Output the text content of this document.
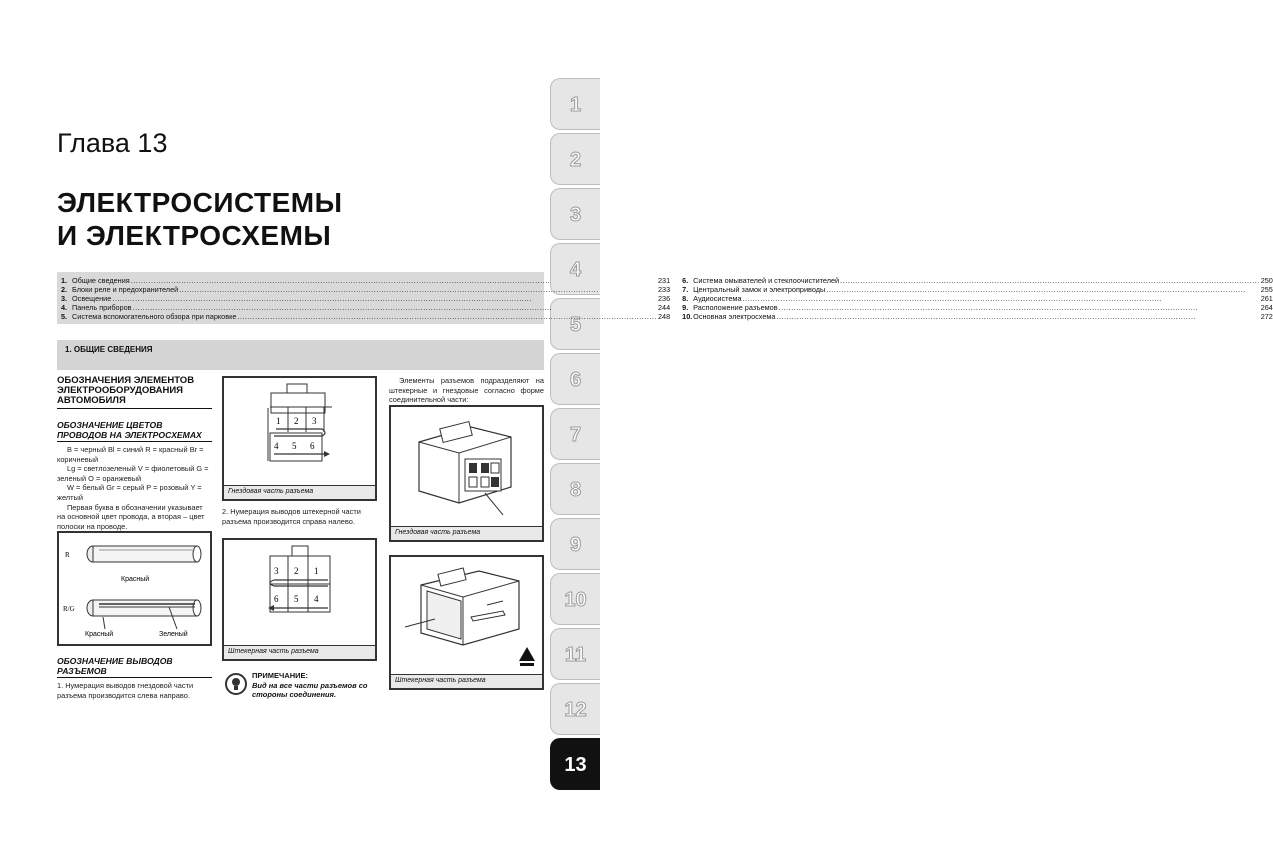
1
2
3
4
5
6
7
8
9
10
11
12
13
Глава 13
ЭЛЕКТРОСИСТЕМЫ
И ЭЛЕКТРОСХЕМЫ
1. Общие сведения .....	231
2. Блоки реле и предохранителей .....	233
3. Освещение .....	236
4. Панель приборов .....	244
5. Система вспомогательного обзора при парковке .....	248
6. Система омывателей и стеклоочистителей .....	250
7. Центральный замок и электроприводы .....	255
8. Аудиосистема .....	261
9. Расположение разъемов .....	264
10. Основная электросхема .....	272
1. ОБЩИЕ СВЕДЕНИЯ
ОБОЗНАЧЕНИЯ ЭЛЕМЕНТОВ ЭЛЕКТРООБОРУДОВАНИЯ АВТОМОБИЛЯ
ОБОЗНАЧЕНИЕ ЦВЕТОВ ПРОВОДОВ НА ЭЛЕКТРОСХЕМАХ
B = черный Bl = синий R = красный Br = коричневый
Lg = светлозеленый V = фиолетовый G = зеленый O = оранжевый
W = белый Gr = серый P = розовый Y = желтый
Первая буква в обозначении указывает на основной цвет провода, а вторая – цвет полоски на проводе.
R
Красный
R/G
Красный	Зеленый
ОБОЗНАЧЕНИЕ ВЫВОДОВ РАЗЪЕМОВ
1. Нумерация выводов гнездовой части разъема производится слева направо.
1 2 3
4 5 6
Гнездовая часть разъема
2. Нумерация выводов штекерной части разъема производится справа налево.
3 2 1
6 5 4
Штекерная часть разъема
ПРИМЕЧАНИЕ:
Вид на все части разъемов со стороны соединения.
Элементы разъемов подразделяют на штекерные и гнездовые согласно форме соединительной части:
Гнездовая часть разъема
Штекерная часть разъема
